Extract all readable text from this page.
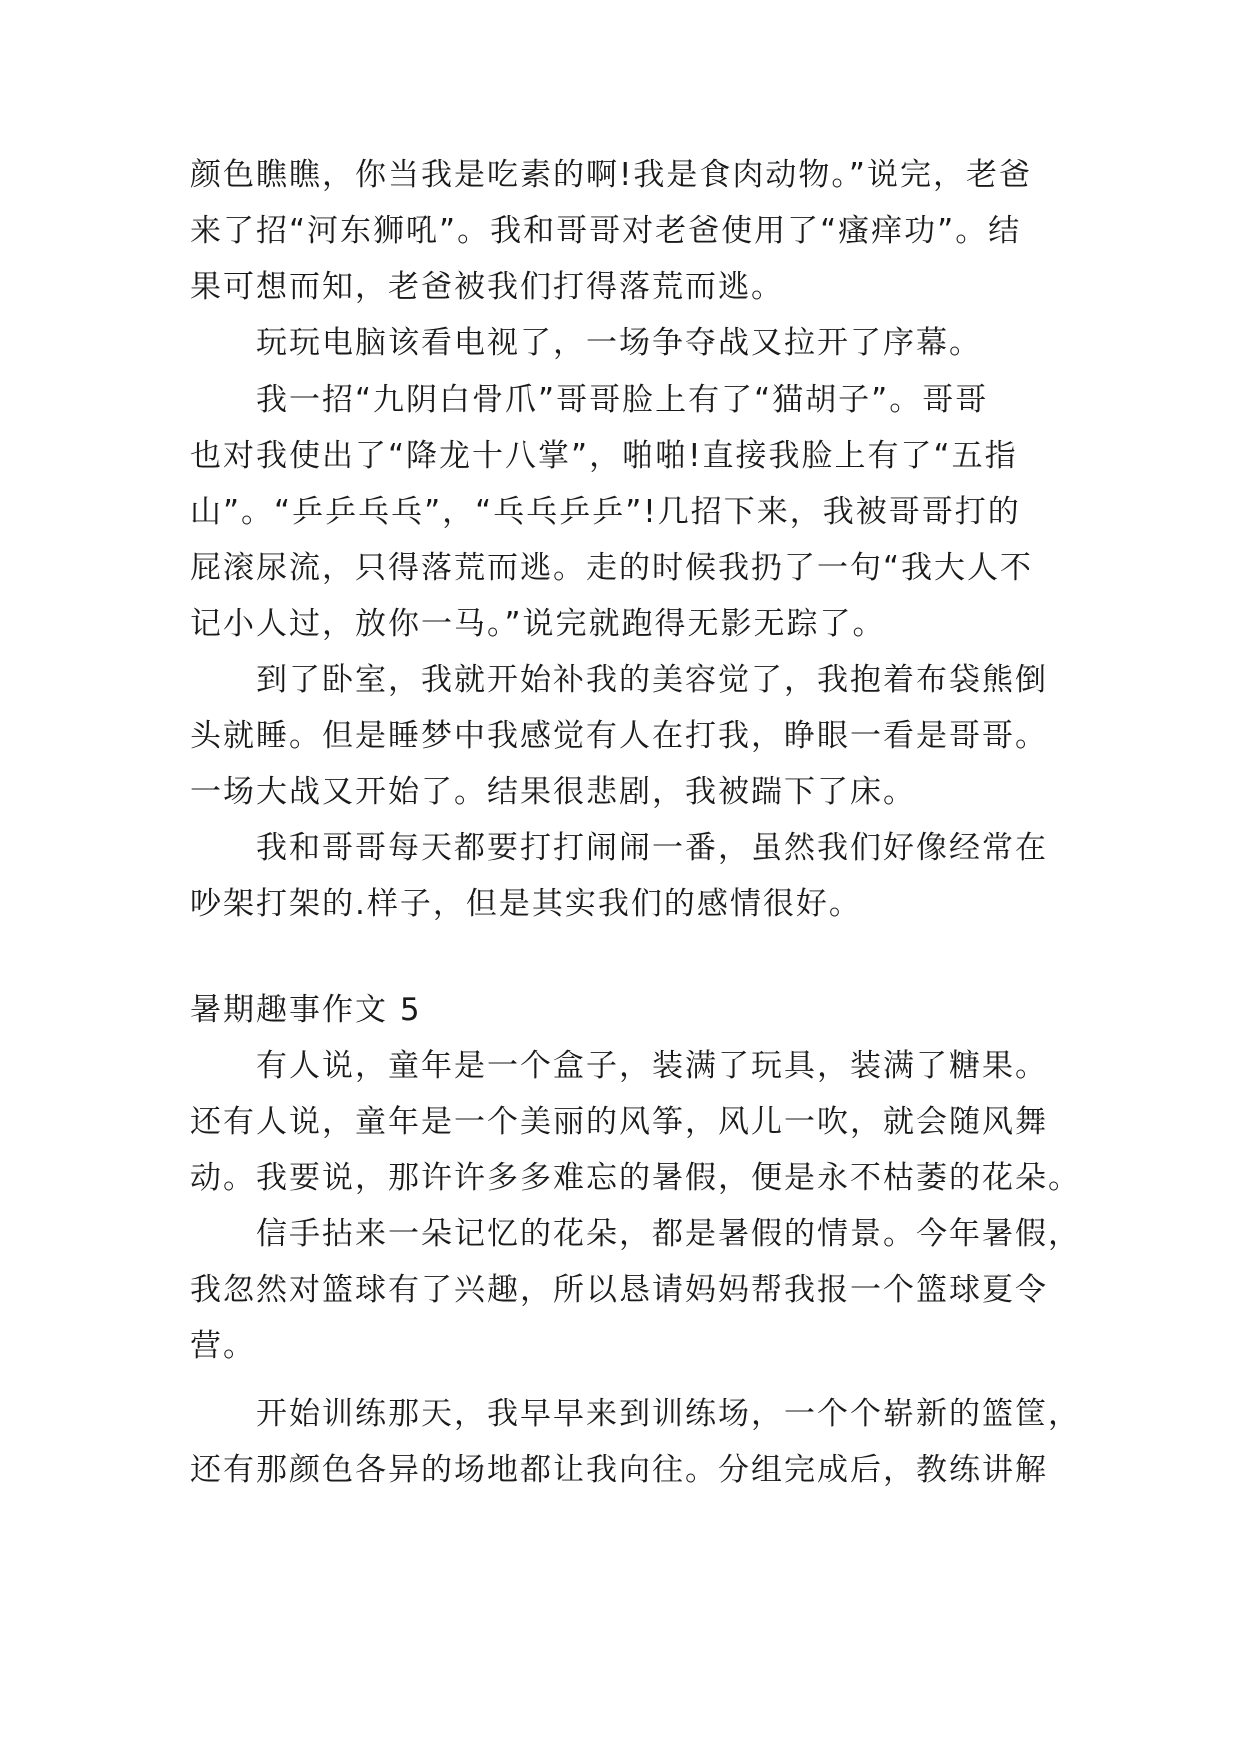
颜色瞧瞧，你当我是吃素的啊!我是食肉动物。”说完，老爸
来了招“河东狮吼”。我和哥哥对老爸使用了“瘙痒功”。结
果可想而知，老爸被我们打得落荒而逃。
玩玩电脑该看电视了，一场争夺战又拉开了序幕。
我一招“九阴白骨爪”哥哥脸上有了“猫胡子”。哥哥
也对我使出了“降龙十八掌”，啪啪!直接我脸上有了“五指
山”。“乒乒乓乓”，“乓乓乒乒”!几招下来，我被哥哥打的
屁滚尿流，只得落荒而逃。走的时候我扔了一句“我大人不
记小人过，放你一马。”说完就跑得无影无踪了。
到了卧室，我就开始补我的美容觉了，我抱着布袋熊倒
头就睡。但是睡梦中我感觉有人在打我，睁眼一看是哥哥。
一场大战又开始了。结果很悲剧，我被踹下了床。
我和哥哥每天都要打打闹闹一番，虽然我们好像经常在
吵架打架的.样子，但是其实我们的感情很好。
暑期趣事作文 5
有人说，童年是一个盒子，装满了玩具，装满了糖果。
还有人说，童年是一个美丽的风筝，风儿一吹，就会随风舞
动。我要说，那许许多多难忘的暑假，便是永不枯萎的花朵。
信手拈来一朵记忆的花朵，都是暑假的情景。今年暑假，
我忽然对篮球有了兴趣，所以恳请妈妈帮我报一个篮球夏令
营。
开始训练那天，我早早来到训练场，一个个崭新的篮筐，
还有那颜色各异的场地都让我向往。分组完成后，教练讲解
